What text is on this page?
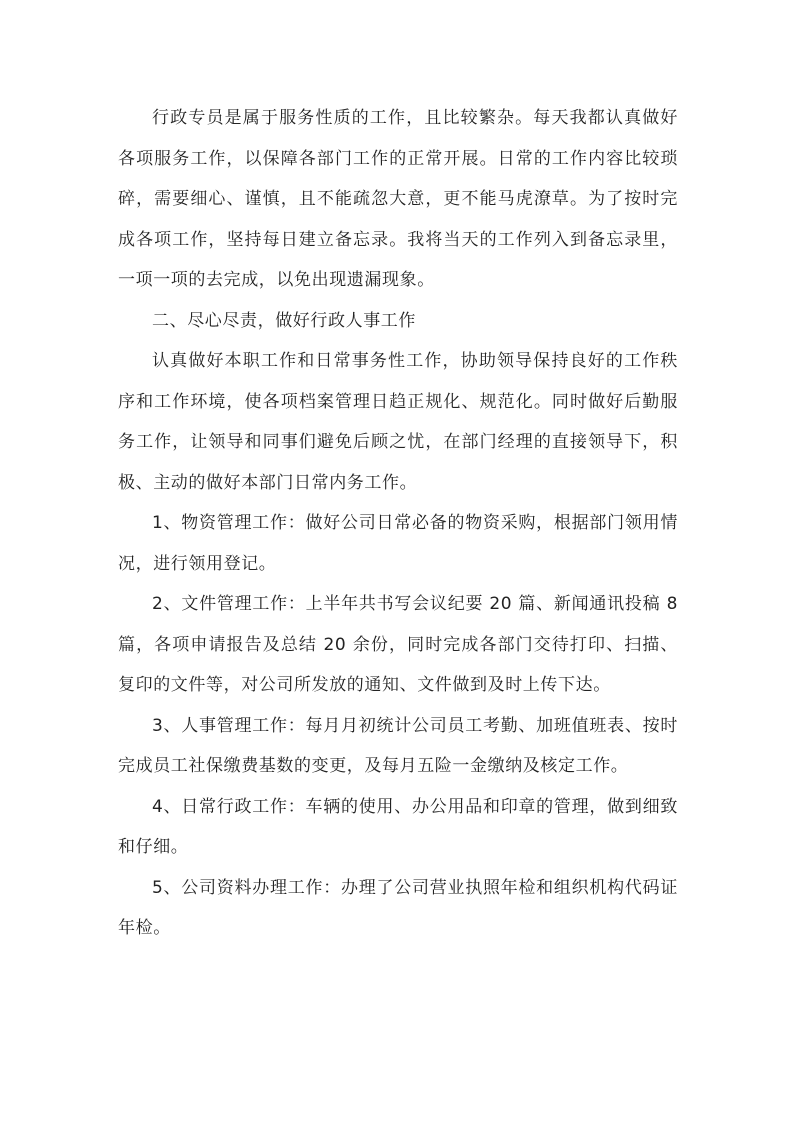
行政专员是属于服务性质的工作，且比较繁杂。每天我都认真做好各项服务工作，以保障各部门工作的正常开展。日常的工作内容比较琐碎，需要细心、谨慎，且不能疏忽大意，更不能马虎潦草。为了按时完成各项工作，坚持每日建立备忘录。我将当天的工作列入到备忘录里，一项一项的去完成，以免出现遗漏现象。

二、尽心尽责，做好行政人事工作

认真做好本职工作和日常事务性工作，协助领导保持良好的工作秩序和工作环境，使各项档案管理日趋正规化、规范化。同时做好后勤服务工作，让领导和同事们避免后顾之忧，在部门经理的直接领导下，积极、主动的做好本部门日常内务工作。

1、物资管理工作：做好公司日常必备的物资采购，根据部门领用情况，进行领用登记。

2、文件管理工作：上半年共书写会议纪要 20 篇、新闻通讯投稿 8 篇，各项申请报告及总结 20 余份，同时完成各部门交待打印、扫描、复印的文件等，对公司所发放的通知、文件做到及时上传下达。

3、人事管理工作：每月月初统计公司员工考勤、加班值班表、按时完成员工社保缴费基数的变更，及每月五险一金缴纳及核定工作。

4、日常行政工作：车辆的使用、办公用品和印章的管理，做到细致和仔细。

5、公司资料办理工作：办理了公司营业执照年检和组织机构代码证年检。
